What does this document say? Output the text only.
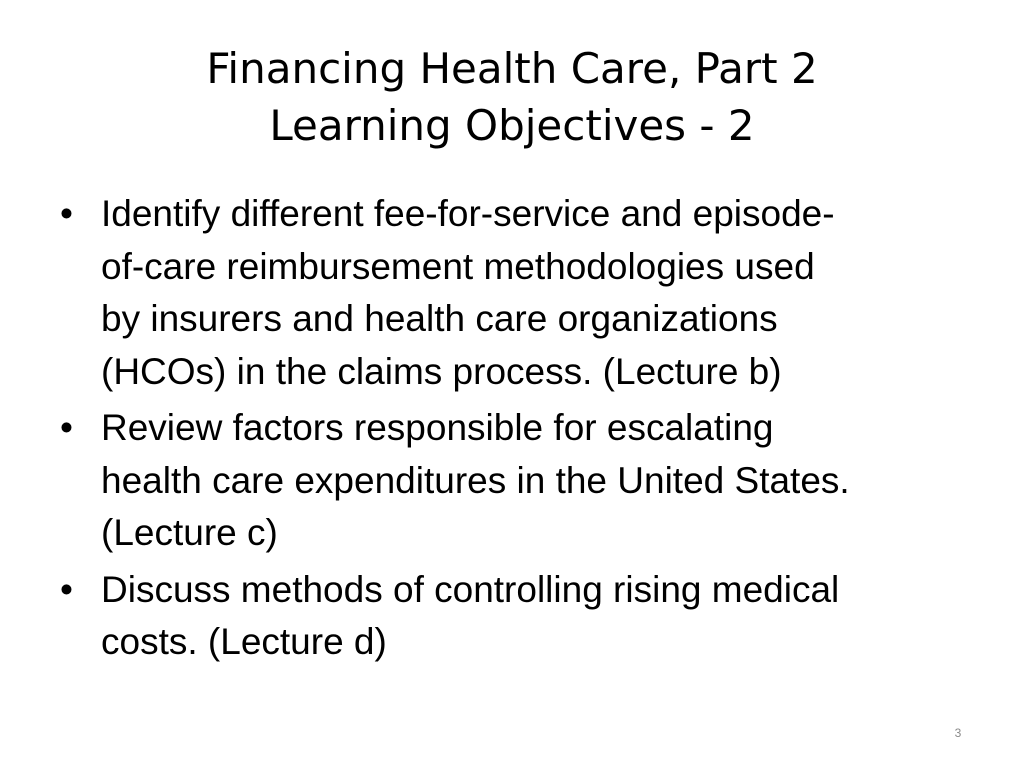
Financing Health Care, Part 2
Learning Objectives - 2
• Identify different fee-for-service and episode-
of-care reimbursement methodologies used
by insurers and health care organizations
(HCOs) in the claims process. (Lecture b)
• Review factors responsible for escalating
health care expenditures in the United States.
(Lecture c)
• Discuss methods of controlling rising medical
costs. (Lecture d)
3
